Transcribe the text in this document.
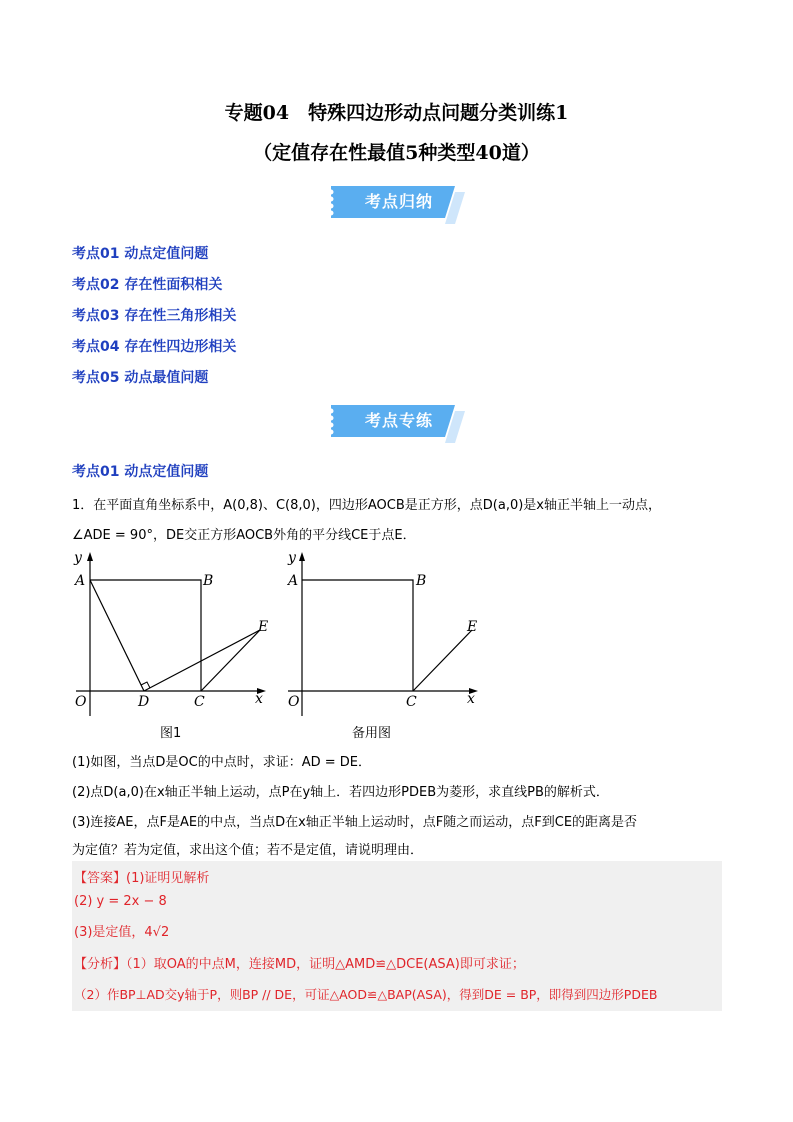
专题04　特殊四边形动点问题分类训练1
（定值存在性最值5种类型40道）
考点归纳
考点01 动点定值问题
考点02 存在性面积相关
考点03 存在性三角形相关
考点04 存在性四边形相关
考点05 动点最值问题
考点专练
考点01 动点定值问题
1．在平面直角坐标系中，A(0,8)、C(8,0)，四边形AOCB是正方形，点D(a,0)是x轴正半轴上一动点，
∠ADE = 90°，DE交正方形AOCB外角的平分线CE于点E．
y
A	B
E
O	D	C	x
图1
y
A	B
E
O	C	x
备用图
(1)如图，当点D是OC的中点时，求证：AD = DE．
(2)点D(a,0)在x轴正半轴上运动，点P在y轴上．若四边形PDEB为菱形，求直线PB的解析式．
(3)连接AE，点F是AE的中点，当点D在x轴正半轴上运动时，点F随之而运动，点F到CE的距离是否
为定值？若为定值，求出这个值；若不是定值，请说明理由．
【答案】(1)证明见解析
(2) y = 2x − 8
(3)是定值，4√2
【分析】（1）取OA的中点M，连接MD，证明△AMD≌△DCE(ASA)即可求证；
（2）作BP⊥AD交y轴于P，则BP // DE，可证△AOD≌△BAP(ASA)，得到DE = BP，即得到四边形PDEB
